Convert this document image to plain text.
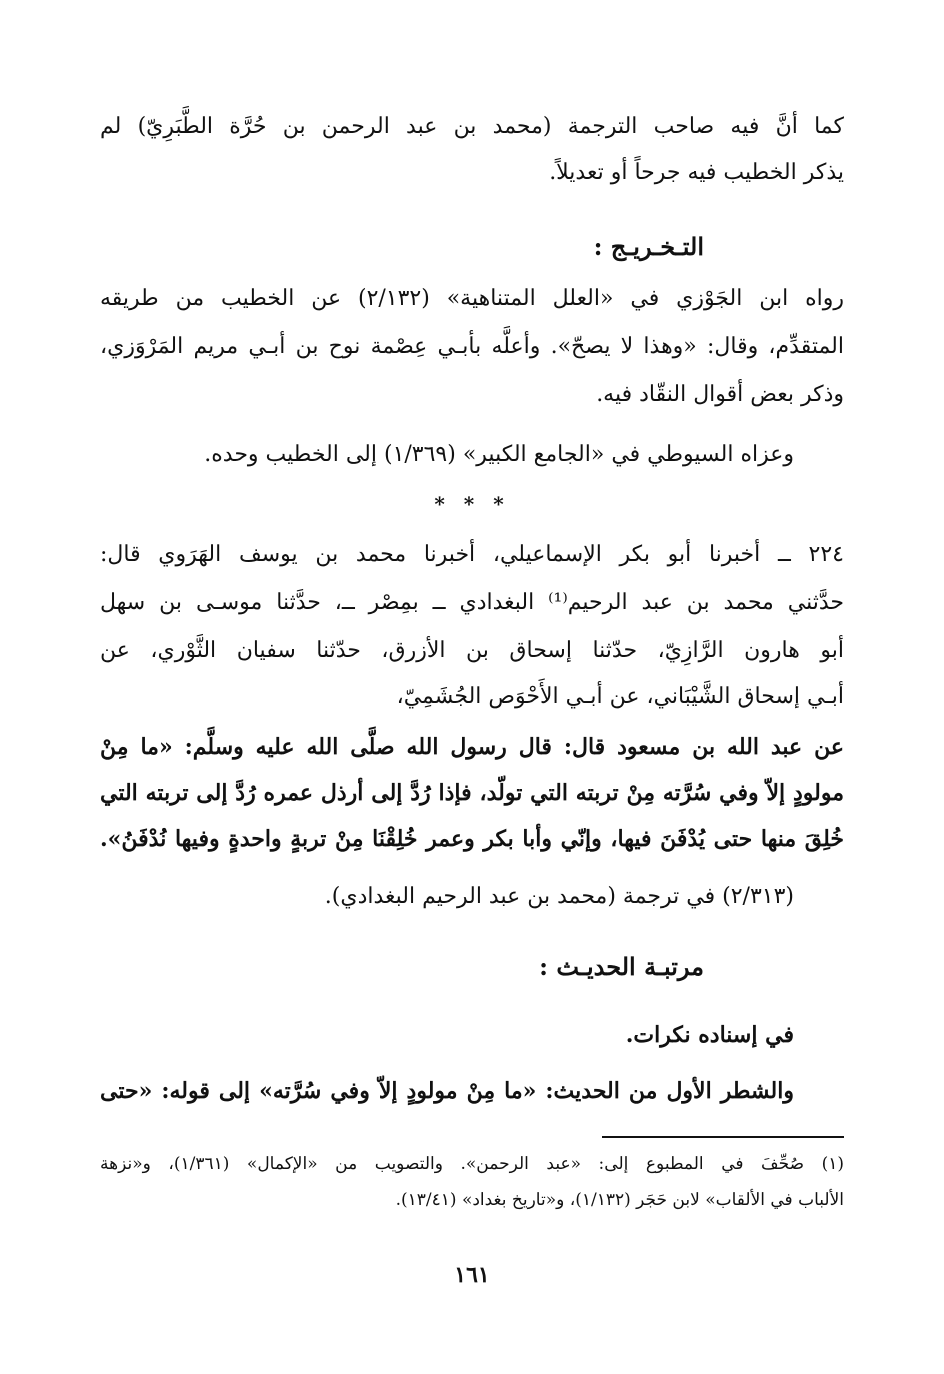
كما أنَّ فيه صاحب الترجمة (محمد بن عبد الرحمن بن حُرَّة الطَّبَرِيّ) لم
يذكر الخطيب فيه جرحاً أو تعديلاً.
التـخـريـج :
رواه ابن الجَوْزي في «العلل المتناهية» (٢/١٣٢) عن الخطيب من طريقه
المتقدِّم، وقال: «وهذا لا يصحّ». وأعلَّه بأبـي عِصْمة نوح بن أبـي مريم المَرْوَزي،
وذكر بعض أقوال النقّاد فيه.
وعزاه السيوطي في «الجامع الكبير» (١/٣٦٩) إلى الخطيب وحده.
* * *
٢٢٤ ــ أخبرنا أبو بكر الإسماعيلي، أخبرنا محمد بن يوسف الهَرَوي قال:
حدَّثني محمد بن عبد الرحيم⁽¹⁾ البغدادي ــ بمِصْر ــ، حدَّثنا موسـى بن سهل
أبو هارون الرَّازِيّ، حدّثنا إسحاق بن الأزرق، حدّثنا سفيان الثَّوْري، عن
أبـي إسحاق الشَّيْبَاني، عن أبـي الأَحْوَص الجُشَمِيّ،
عن عبد الله بن مسعود قال: قال رسول الله صلَّى الله عليه وسلَّم: «ما مِنْ
مولودٍ إلاّ وفي سُرَّته مِنْ تربته التي تولّد، فإذا رُدَّ إلى أرذل عمره رُدَّ إلى تربته التي
خُلِقَ منها حتى يُدْفَنَ فيها، وإنّي وأبا بكر وعمر خُلِقْنَا مِنْ تربةٍ واحدةٍ وفيها نُدْفَنُ».
(٢/٣١٣) في ترجمة (محمد بن عبد الرحيم البغدادي).
مرتبـة الحديـث :
في إسناده نكرات.
والشطر الأول من الحديث: «ما مِنْ مولودٍ إلاّ وفي سُرَّته» إلى قوله: «حتى
(١) صُحِّفَ في المطبوع إلى: «عبد الرحمن». والتصويب من «الإكمال» (١/٣٦١)، و«نزهة
الألباب في الألقاب» لابن حَجَر (١/١٣٢)، و«تاريخ بغداد» (١٣/٤١).
١٦١
